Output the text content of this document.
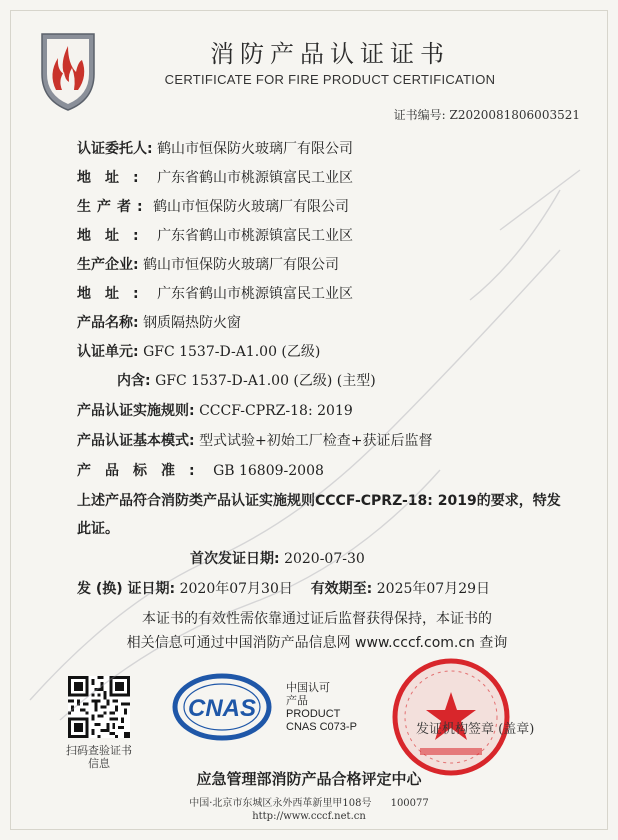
消防产品认证证书
CERTIFICATE FOR FIRE PRODUCT CERTIFICATION
证书编号: Z2020081806003521
认证委托人: 鹤山市恒保防火玻璃厂有限公司
地址: 广东省鹤山市桃源镇富民工业区
生产者: 鹤山市恒保防火玻璃厂有限公司
地址: 广东省鹤山市桃源镇富民工业区
生产企业: 鹤山市恒保防火玻璃厂有限公司
地址: 广东省鹤山市桃源镇富民工业区
产品名称: 钢质隔热防火窗
认证单元: GFC 1537-D-A1.00 (乙级)
内含: GFC 1537-D-A1.00 (乙级) (主型)
产品认证实施规则: CCCF-CPRZ-18: 2019
产品认证基本模式: 型式试验+初始工厂检查+获证后监督
产品标准: GB 16809-2008
上述产品符合消防类产品认证实施规则CCCF-CPRZ-18: 2019的要求，特发
此证。
首次发证日期: 2020-07-30
发 (换) 证日期: 2020年07月30日 有效期至: 2025年07月29日
本证书的有效性需依靠通过证后监督获得保持，本证书的
相关信息可通过中国消防产品信息网 www.cccf.com.cn 查询
扫码查验证书信息
CNAS
中国认可
产品
PRODUCT
CNAS C073-P	发证机构签章 (盖章)
应急管理部消防产品合格评定中心
中国·北京市东城区永外西革新里甲108号 100077
http://www.cccf.net.cn
